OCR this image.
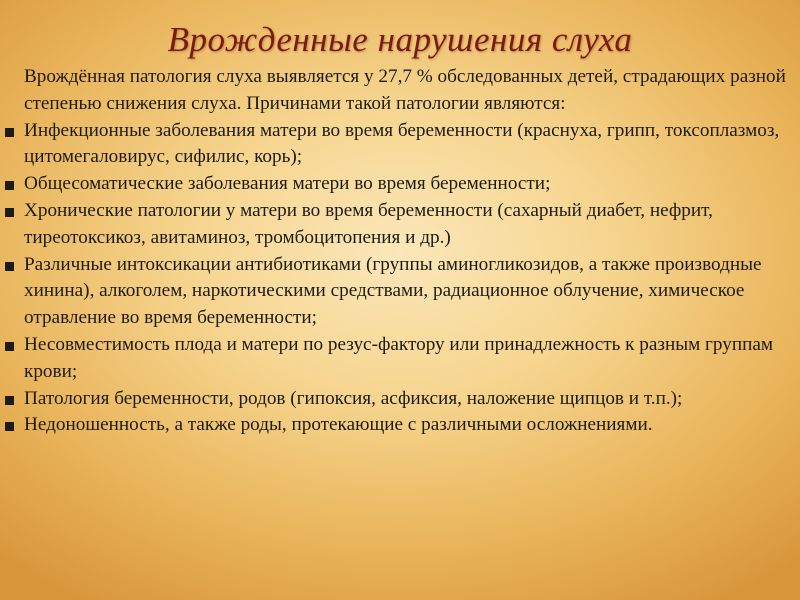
Врожденные нарушения слуха

Врождённая патология слуха выявляется у 27,7 % обследованных детей, страдающих разной степенью снижения слуха. Причинами такой патологии являются:

Инфекционные заболевания матери во время беременности (краснуха, грипп, токсоплазмоз, цитомегаловирус, сифилис, корь);
Общесоматические заболевания матери во время беременности;
Хронические патологии у матери во время беременности (сахарный диабет, нефрит, тиреотоксикоз, авитаминоз, тромбоцитопения и др.)
Различные интоксикации антибиотиками (группы аминогликозидов, а также производные хинина), алкоголем, наркотическими средствами, радиационное облучение, химическое отравление во время беременности;
Несовместимость плода и матери по резус-фактору или принадлежность к разным группам крови;
Патология беременности, родов (гипоксия, асфиксия, наложение щипцов и т.п.);
Недоношенность, а также роды, протекающие с различными осложнениями.
